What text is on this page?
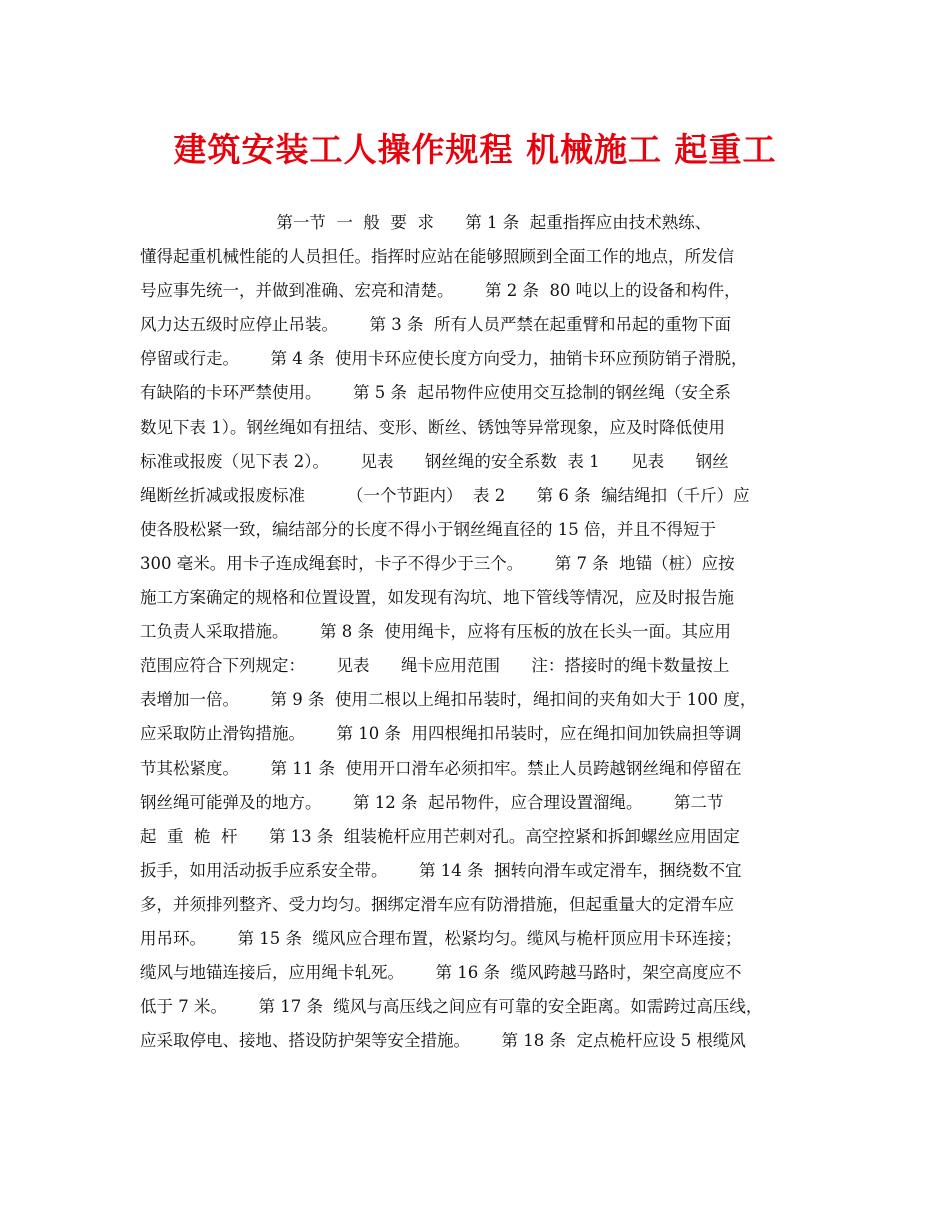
建筑安装工人操作规程 机械施工 起重工
第一节  一  般  要  求      第 1 条  起重指挥应由技术熟练、
懂得起重机械性能的人员担任。指挥时应站在能够照顾到全面工作的地点，所发信
号应事先统一，并做到准确、宏亮和清楚。      第 2 条  80 吨以上的设备和构件，
风力达五级时应停止吊装。      第 3 条  所有人员严禁在起重臂和吊起的重物下面
停留或行走。      第 4 条  使用卡环应使长度方向受力，抽销卡环应预防销子滑脱，
有缺陷的卡环严禁使用。      第 5 条  起吊物件应使用交互捻制的钢丝绳（安全系
数见下表 1）。钢丝绳如有扭结、变形、断丝、锈蚀等异常现象，应及时降低使用
标准或报废（见下表 2）。      见表      钢丝绳的安全系数  表 1      见表      钢丝
绳断丝折减或报废标准        （一个节距内）  表 2      第 6 条  编结绳扣（千斤）应
使各股松紧一致，编结部分的长度不得小于钢丝绳直径的 15 倍，并且不得短于
300 毫米。用卡子连成绳套时，卡子不得少于三个。      第 7 条  地锚（桩）应按
施工方案确定的规格和位置设置，如发现有沟坑、地下管线等情况，应及时报告施
工负责人采取措施。      第 8 条  使用绳卡，应将有压板的放在长头一面。其应用
范围应符合下列规定：      见表      绳卡应用范围      注：搭接时的绳卡数量按上
表增加一倍。      第 9 条  使用二根以上绳扣吊装时，绳扣间的夹角如大于 100 度，
应采取防止滑钩措施。      第 10 条  用四根绳扣吊装时，应在绳扣间加铁扁担等调
节其松紧度。      第 11 条  使用开口滑车必须扣牢。禁止人员跨越钢丝绳和停留在
钢丝绳可能弹及的地方。      第 12 条  起吊物件，应合理设置溜绳。      第二节
起  重  桅  杆      第 13 条  组装桅杆应用芒刺对孔。高空控紧和拆卸螺丝应用固定
扳手，如用活动扳手应系安全带。      第 14 条  捆转向滑车或定滑车，捆绕数不宜
多，并须排列整齐、受力均匀。捆绑定滑车应有防滑措施，但起重量大的定滑车应
用吊环。      第 15 条  缆风应合理布置，松紧均匀。缆风与桅杆顶应用卡环连接；
缆风与地锚连接后，应用绳卡轧死。      第 16 条  缆风跨越马路时，架空高度应不
低于 7 米。      第 17 条  缆风与高压线之间应有可靠的安全距离。如需跨过高压线，
应采取停电、接地、搭设防护架等安全措施。      第 18 条  定点桅杆应设 5 根缆风
